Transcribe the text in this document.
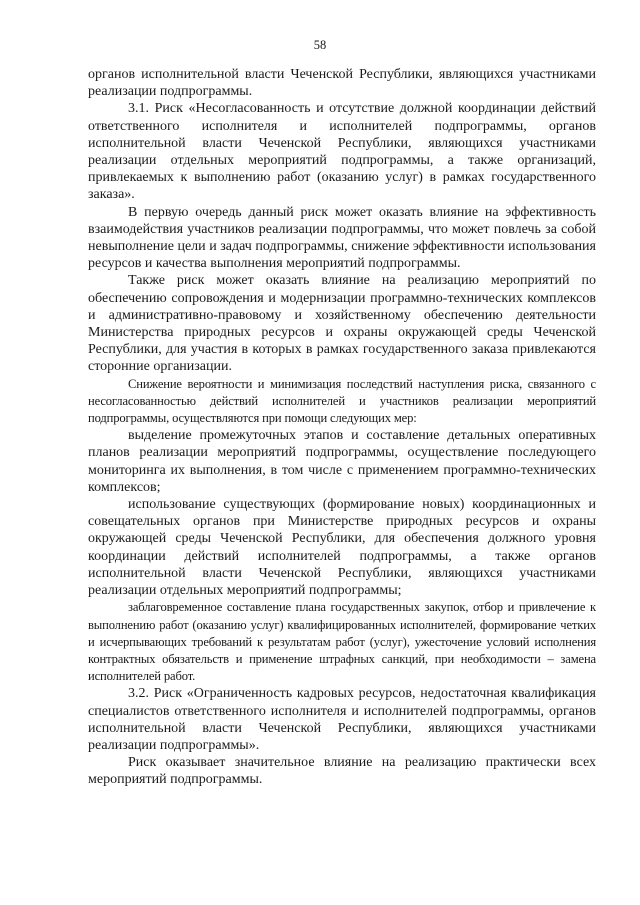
58

органов исполнительной власти Чеченской Республики, являющихся участниками реализации подпрограммы.

3.1. Риск «Несогласованность и отсутствие должной координации действий ответственного исполнителя и исполнителей подпрограммы, органов исполнительной власти Чеченской Республики, являющихся участниками реализации отдельных мероприятий подпрограммы, а также организаций, привлекаемых к выполнению работ (оказанию услуг) в рамках государственного заказа».

В первую очередь данный риск может оказать влияние на эффективность взаимодействия участников реализации подпрограммы, что может повлечь за собой невыполнение цели и задач подпрограммы, снижение эффективности использования ресурсов и качества выполнения мероприятий подпрограммы.

Также риск может оказать влияние на реализацию мероприятий по обеспечению сопровождения и модернизации программно-технических комплексов и административно-правовому и хозяйственному обеспечению деятельности Министерства природных ресурсов и охраны окружающей среды Чеченской Республики, для участия в которых в рамках государственного заказа привлекаются сторонние организации.

Снижение вероятности и минимизация последствий наступления риска, связанного с несогласованностью действий исполнителей и участников реализации мероприятий подпрограммы, осуществляются при помощи следующих мер:

выделение промежуточных этапов и составление детальных оперативных планов реализации мероприятий подпрограммы, осуществление последующего мониторинга их выполнения, в том числе с применением программно-технических комплексов;

использование существующих (формирование новых) координационных и совещательных органов при Министерстве природных ресурсов и охраны окружающей среды Чеченской Республики, для обеспечения должного уровня координации действий исполнителей подпрограммы, а также органов исполнительной власти Чеченской Республики, являющихся участниками реализации отдельных мероприятий подпрограммы;

заблаговременное составление плана государственных закупок, отбор и привлечение к выполнению работ (оказанию услуг) квалифицированных исполнителей, формирование четких и исчерпывающих требований к результатам работ (услуг), ужесточение условий исполнения контрактных обязательств и применение штрафных санкций, при необходимости – замена исполнителей работ.

3.2. Риск «Ограниченность кадровых ресурсов, недостаточная квалификация специалистов ответственного исполнителя и исполнителей подпрограммы, органов исполнительной власти Чеченской Республики, являющихся участниками реализации подпрограммы».

Риск оказывает значительное влияние на реализацию практически всех мероприятий подпрограммы.
